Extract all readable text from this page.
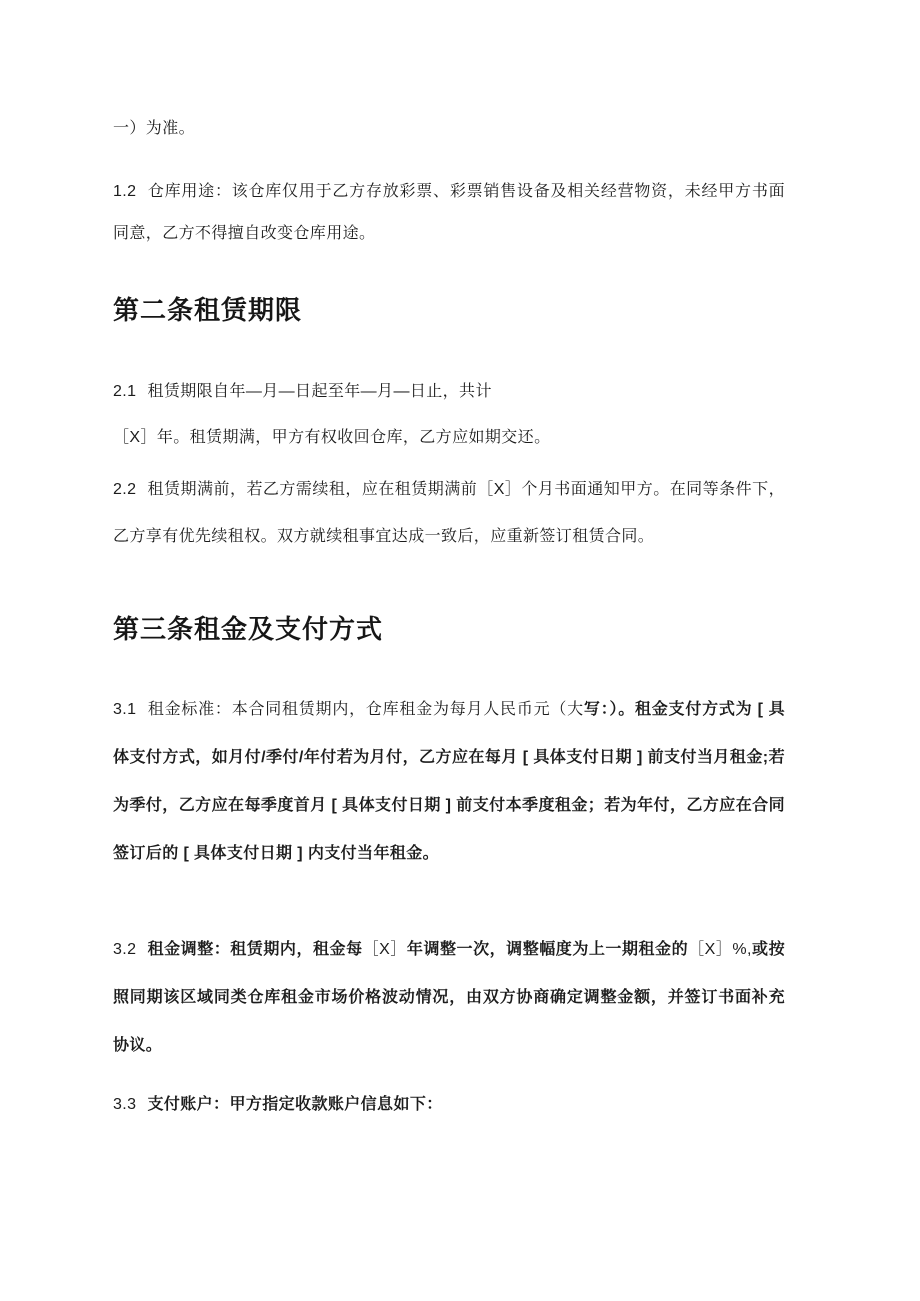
一）为准。

1.2 仓库用途：该仓库仅用于乙方存放彩票、彩票销售设备及相关经营物资，未经甲方书面同意，乙方不得擅自改变仓库用途。

第二条租赁期限

2.1 租赁期限自年—月—日起至年—月—日止，共计
［X］年。租赁期满，甲方有权收回仓库，乙方应如期交还。

2.2 租赁期满前，若乙方需续租，应在租赁期满前［X］个月书面通知甲方。在同等条件下，乙方享有优先续租权。双方就续租事宜达成一致后，应重新签订租赁合同。

第三条租金及支付方式

3.1 租金标准：本合同租赁期内，仓库租金为每月人民币元（大写：）。租金支付方式为 [ 具体支付方式，如月付/季付/年付若为月付，乙方应在每月 [ 具体支付日期 ] 前支付当月租金;若为季付，乙方应在每季度首月 [ 具体支付日期 ] 前支付本季度租金；若为年付，乙方应在合同签订后的 [ 具体支付日期 ] 内支付当年租金。

3.2 租金调整：租赁期内，租金每［X］年调整一次，调整幅度为上一期租金的［X］%,或按照同期该区域同类仓库租金市场价格波动情况，由双方协商确定调整金额，并签订书面补充协议。

3.3 支付账户：甲方指定收款账户信息如下：
